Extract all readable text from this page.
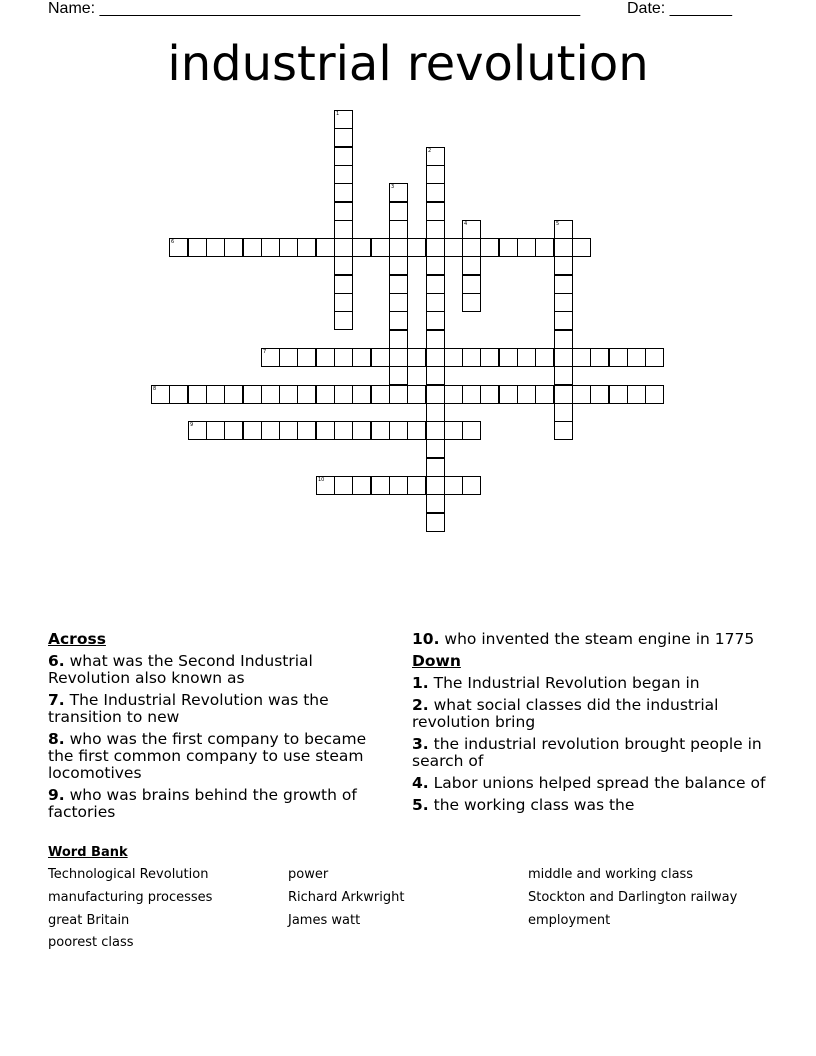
Name: ______________________________________________________	Date: _______
industrial revolution
1
2
3
4	5
6
7
8
9
10
Across
6. what was the Second Industrial Revolution also known as
7. The Industrial Revolution was the transition to new
8. who was the first company to became the first common company to use steam locomotives
9. who was brains behind the growth of factories
10. who invented the steam engine in 1775
Down
1. The Industrial Revolution began in
2. what social classes did the industrial revolution bring
3. the industrial revolution brought people in search of
4. Labor unions helped spread the balance of
5. the working class was the
Word Bank
Technological Revolution	power	middle and working class
manufacturing processes	Richard Arkwright	Stockton and Darlington railway
great Britain	James watt	employment
poorest class
